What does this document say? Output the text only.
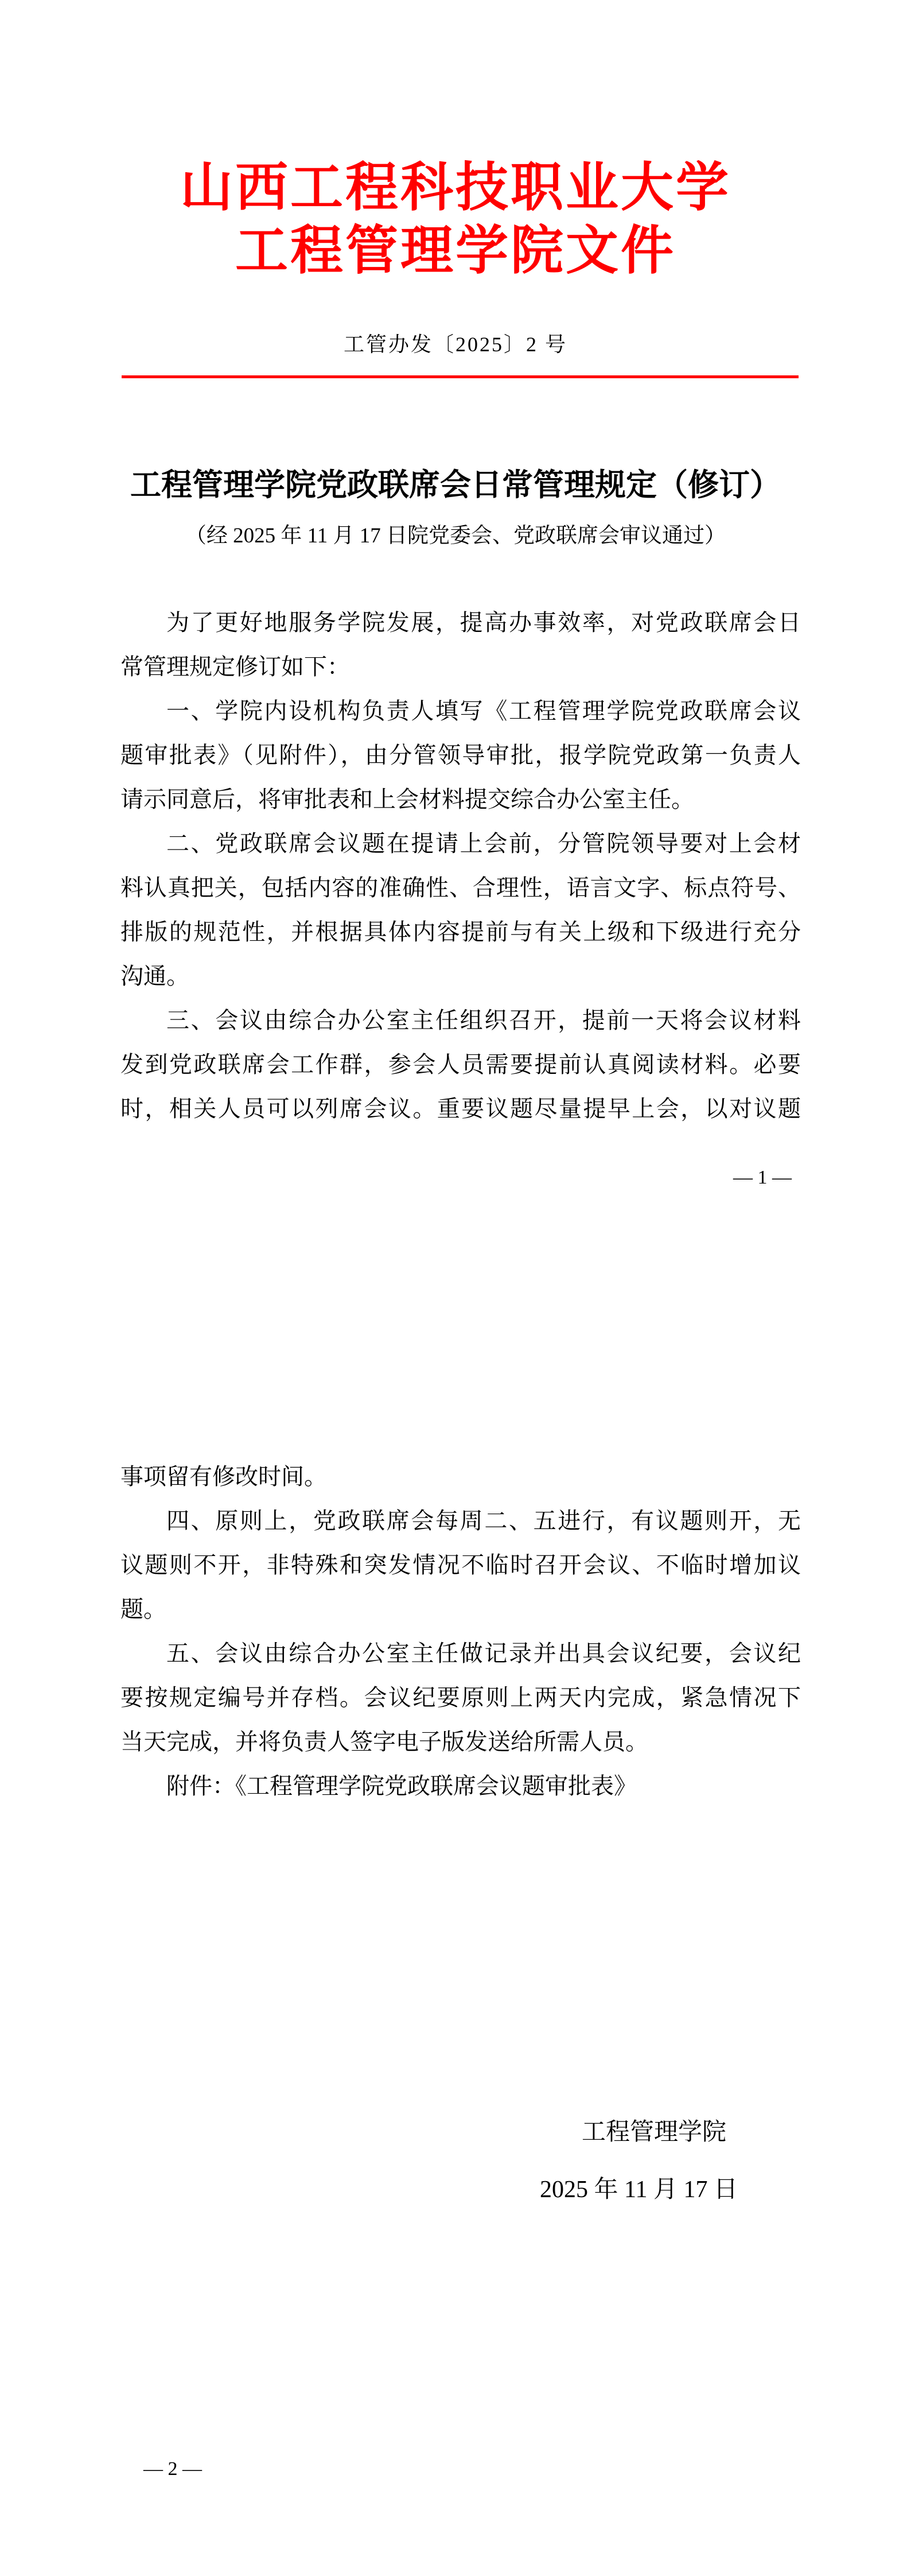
山西工程科技职业大学
工程管理学院文件
工管办发〔2025〕2 号
工程管理学院党政联席会日常管理规定（修订）
（经 2025 年 11 月 17 日院党委会、党政联席会审议通过）
为了更好地服务学院发展，提高办事效率，对党政联席会日
常管理规定修订如下：
一、学院内设机构负责人填写《工程管理学院党政联席会议
题审批表》（见附件），由分管领导审批，报学院党政第一负责人
请示同意后，将审批表和上会材料提交综合办公室主任。
二、党政联席会议题在提请上会前，分管院领导要对上会材
料认真把关，包括内容的准确性、合理性，语言文字、标点符号、
排版的规范性，并根据具体内容提前与有关上级和下级进行充分
沟通。
三、会议由综合办公室主任组织召开，提前一天将会议材料
发到党政联席会工作群，参会人员需要提前认真阅读材料。必要
时，相关人员可以列席会议。重要议题尽量提早上会，以对议题
— 1 —
事项留有修改时间。
四、原则上，党政联席会每周二、五进行，有议题则开，无
议题则不开，非特殊和突发情况不临时召开会议、不临时增加议
题。
五、会议由综合办公室主任做记录并出具会议纪要，会议纪
要按规定编号并存档。会议纪要原则上两天内完成，紧急情况下
当天完成，并将负责人签字电子版发送给所需人员。
附件：《工程管理学院党政联席会议题审批表》
工程管理学院
2025 年 11 月 17 日
— 2 —
